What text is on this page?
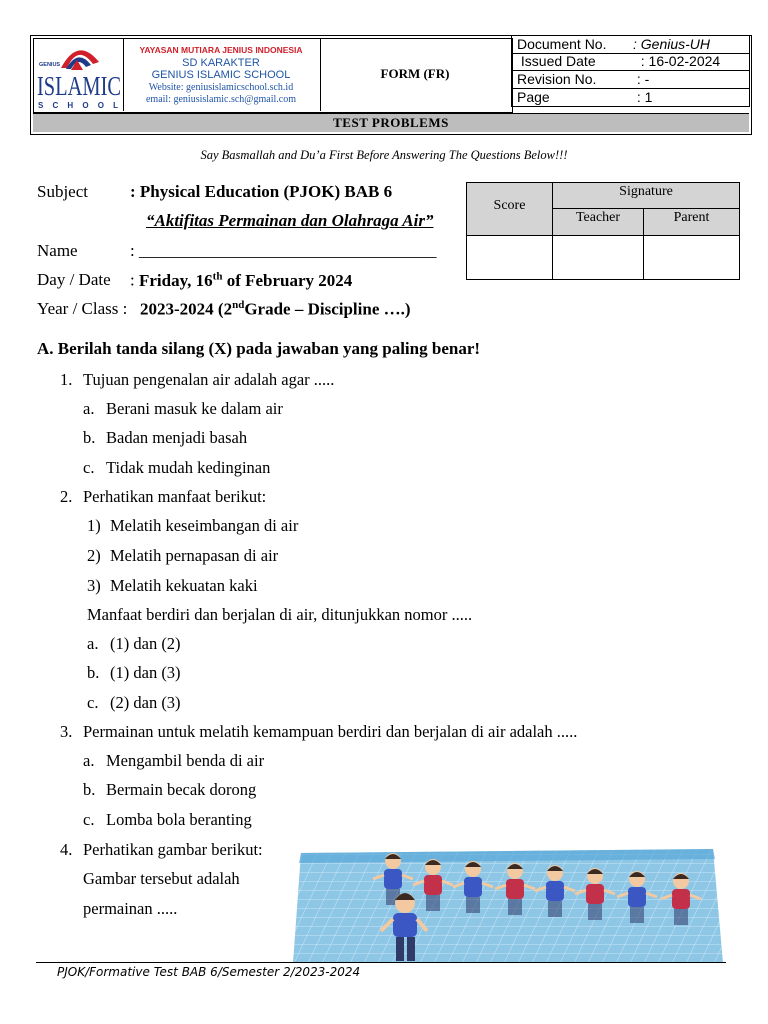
GENIUS
ISLAMIC
S C H O O L
YAYASAN MUTIARA JENIUS INDONESIA
SD KARAKTER
GENIUS ISLAMIC SCHOOL
Website: geniusislamicschool.sch.id
email: geniusislamic.sch@gmail.com
FORM (FR)
Document No. : Genius-UH
Issued Date	: 16-02-2024
Revision No.	: -
Page	: 1
TEST PROBLEMS
Say Basmallah and Du’a First Before Answering The Questions Below!!!
Subject : Physical Education (PJOK) BAB 6
“Aktifitas Permainan dan Olahraga Air”
Name	: ___________________________________
Day / Date : Friday, 16th of February 2024
Year / Class : 2023-2024 (2ndGrade – Discipline ….)
Score
Signature
Teacher	Parent
A. Berilah tanda silang (X) pada jawaban yang paling benar!
1. Tujuan pengenalan air adalah agar .....
a. Berani masuk ke dalam air
b. Badan menjadi basah
c. Tidak mudah kedinginan
2. Perhatikan manfaat berikut:
1) Melatih keseimbangan di air
2) Melatih pernapasan di air
3) Melatih kekuatan kaki
Manfaat berdiri dan berjalan di air, ditunjukkan nomor .....
a. (1) dan (2)
b. (1) dan (3)
c. (2) dan (3)
3. Permainan untuk melatih kemampuan berdiri dan berjalan di air adalah .....
a. Mengambil benda di air
b. Bermain becak dorong
c. Lomba bola beranting
4. Perhatikan gambar berikut:
Gambar tersebut adalah
permainan .....
PJOK/Formative Test BAB 6/Semester 2/2023-2024
